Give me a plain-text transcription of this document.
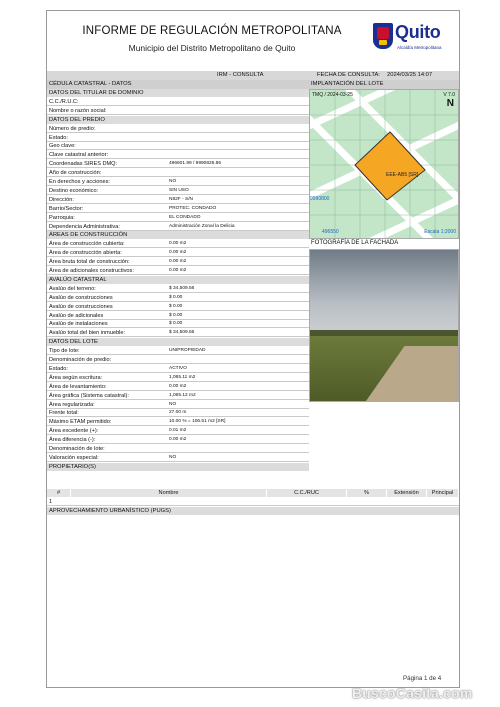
INFORME DE REGULACIÓN METROPOLITANA
Municipio del Distrito Metropolitano de Quito
Quito
Alcaldía Metropolitana
IRM - CONSULTA	FECHA DE CONSULTA: 2024/03/25 14:07
CÉDULA CATASTRAL - DATOS	IMPLANTACIÓN DEL LOTE
DATOS DEL TITULAR DE DOMINIO
C.C./R.U.C:
Nombre o razón social:
DATOS DEL PREDIO
Número de predio:
Estado:
Geo clave:
Clave catastral anterior:
Coordenadas SIRES DMQ:	496601.99 / 9990826.86
Año de construcción:
En derechos y acciones:	NO
Destino económico:	SIN USO
Dirección:	N82F - S/N
Barrio/Sector:	PROTEC. CONDADO
Parroquia:	EL CONDADO
Dependencia Administrativa:	Administración Zonal la Delicia
ÁREAS DE CONSTRUCCIÓN
Área de construcción cubierta:	0.00 m2
Área de construcción abierta:	0.00 m2
Área bruta total de construcción:	0.00 m2
Área de adicionales constructivos:	0.00 m2
AVALÚO CATASTRAL
Avalúo del terreno:	$ 34,509.56
Avalúo de construcciones	$ 0.00
Avalúo de construcciones	$ 0.00
Avalúo de adicionales	$ 0.00
Avalúo de instalaciones	$ 0.00
Avalúo total del bien inmueble:	$ 34,509.56
DATOS DEL LOTE
Tipo de lote:	UNIPROPIEDAD
Denominación de predio:
Estado:	ACTIVO
Área según escritura:	1,065.11 m2
Área de levantamiento:	0.00 m2
Área gráfica (Sistema catastral):	1,065.12 m2
Área regularizada:	NO
Frente total:	27.00 m
Máximo ETAM permitido:	10.00 % = 106.51 m2 [SR]
Área excedente (+):	0.01 m2
Área diferencia (-):	0.00 m2
Denominación de lote:
Valoración especial:	NO
PROPIETARIO(S)
TMQ / 2024-03-25	V 7.0
N
EEE-AB5 [SR]
9990800
496550	Escala 1:2000
FOTOGRAFÍA DE LA FACHADA
#	Nombre	C.C./RUC	%	Extensión	Principal
1
APROVECHAMIENTO URBANÍSTICO (PUGS)
Página 1 de 4
BuscoCasita.com
